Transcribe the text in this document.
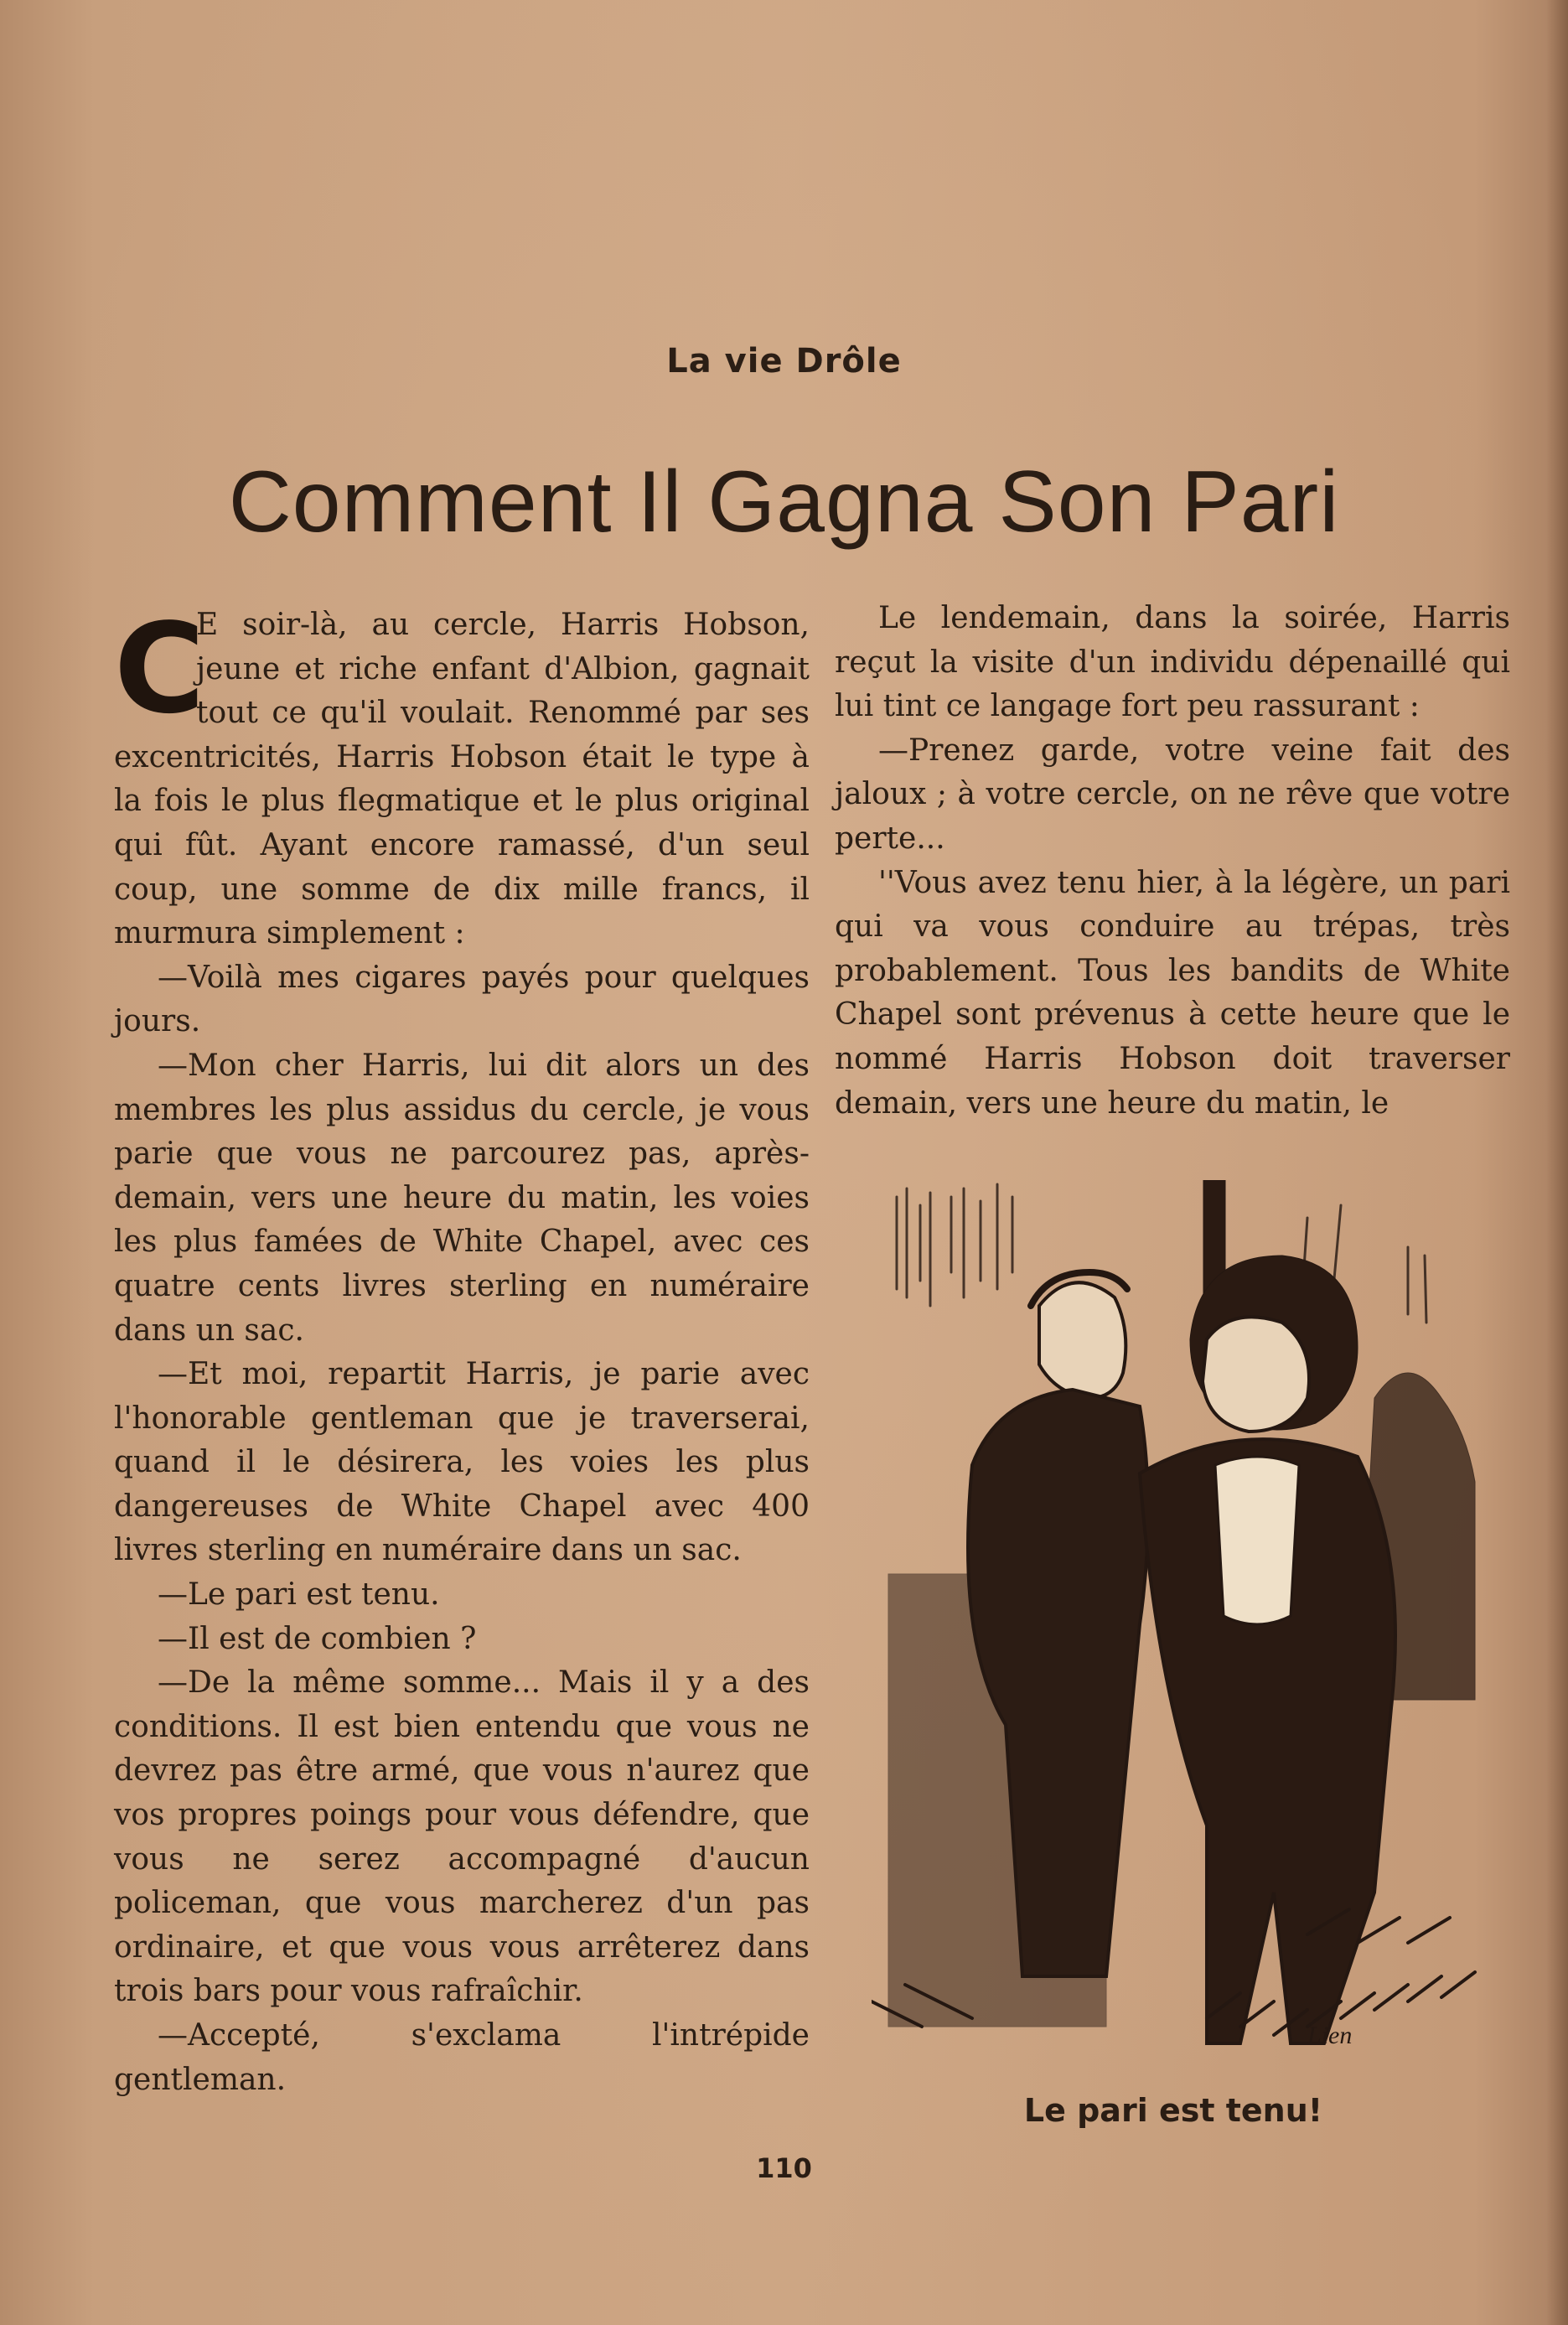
La vie Drôle
Comment Il Gagna Son Pari

C
E soir-là, au cercle, Harris Hobson, jeune et riche enfant d'Albion, gagnait tout ce qu'il voulait. Renommé par ses excentricités, Harris Hobson était le type à la fois le plus flegmatique et le plus original qui fût. Ayant encore ramassé, d'un seul coup, une somme de dix mille francs, il murmura simplement :

—Voilà mes cigares payés pour quelques jours.

—Mon cher Harris, lui dit alors un des membres les plus assidus du cercle, je vous parie que vous ne parcourez pas, après-demain, vers une heure du matin, les voies les plus famées de White Chapel, avec ces quatre cents livres sterling en numéraire dans un sac.

—Et moi, repartit Harris, je parie avec l'honorable gentleman que je traverserai, quand il le désirera, les voies les plus dangereuses de White Chapel avec 400 livres sterling en numéraire dans un sac.

—Le pari est tenu.

—Il est de combien ?

—De la même somme... Mais il y a des conditions. Il est bien entendu que vous ne devrez pas être armé, que vous n'aurez que vos propres poings pour vous défendre, que vous ne serez accompagné d'aucun policeman, que vous marcherez d'un pas ordinaire, et que vous vous arrêterez dans trois bars pour vous rafraîchir.

—Accepté, s'exclama l'intrépide gentleman.

Le lendemain, dans la soirée, Harris reçut la visite d'un individu dépenaillé qui lui tint ce langage fort peu rassurant :

—Prenez garde, votre veine fait des jaloux ; à votre cercle, on ne rêve que votre perte...

''Vous avez tenu hier, à la légère, un pari qui va vous conduire au trépas, très probablement. Tous les bandits de White Chapel sont prévenus à cette heure que le nommé Harris Hobson doit traverser demain, vers une heure du matin, le

Lien
Le pari est tenu!
110
